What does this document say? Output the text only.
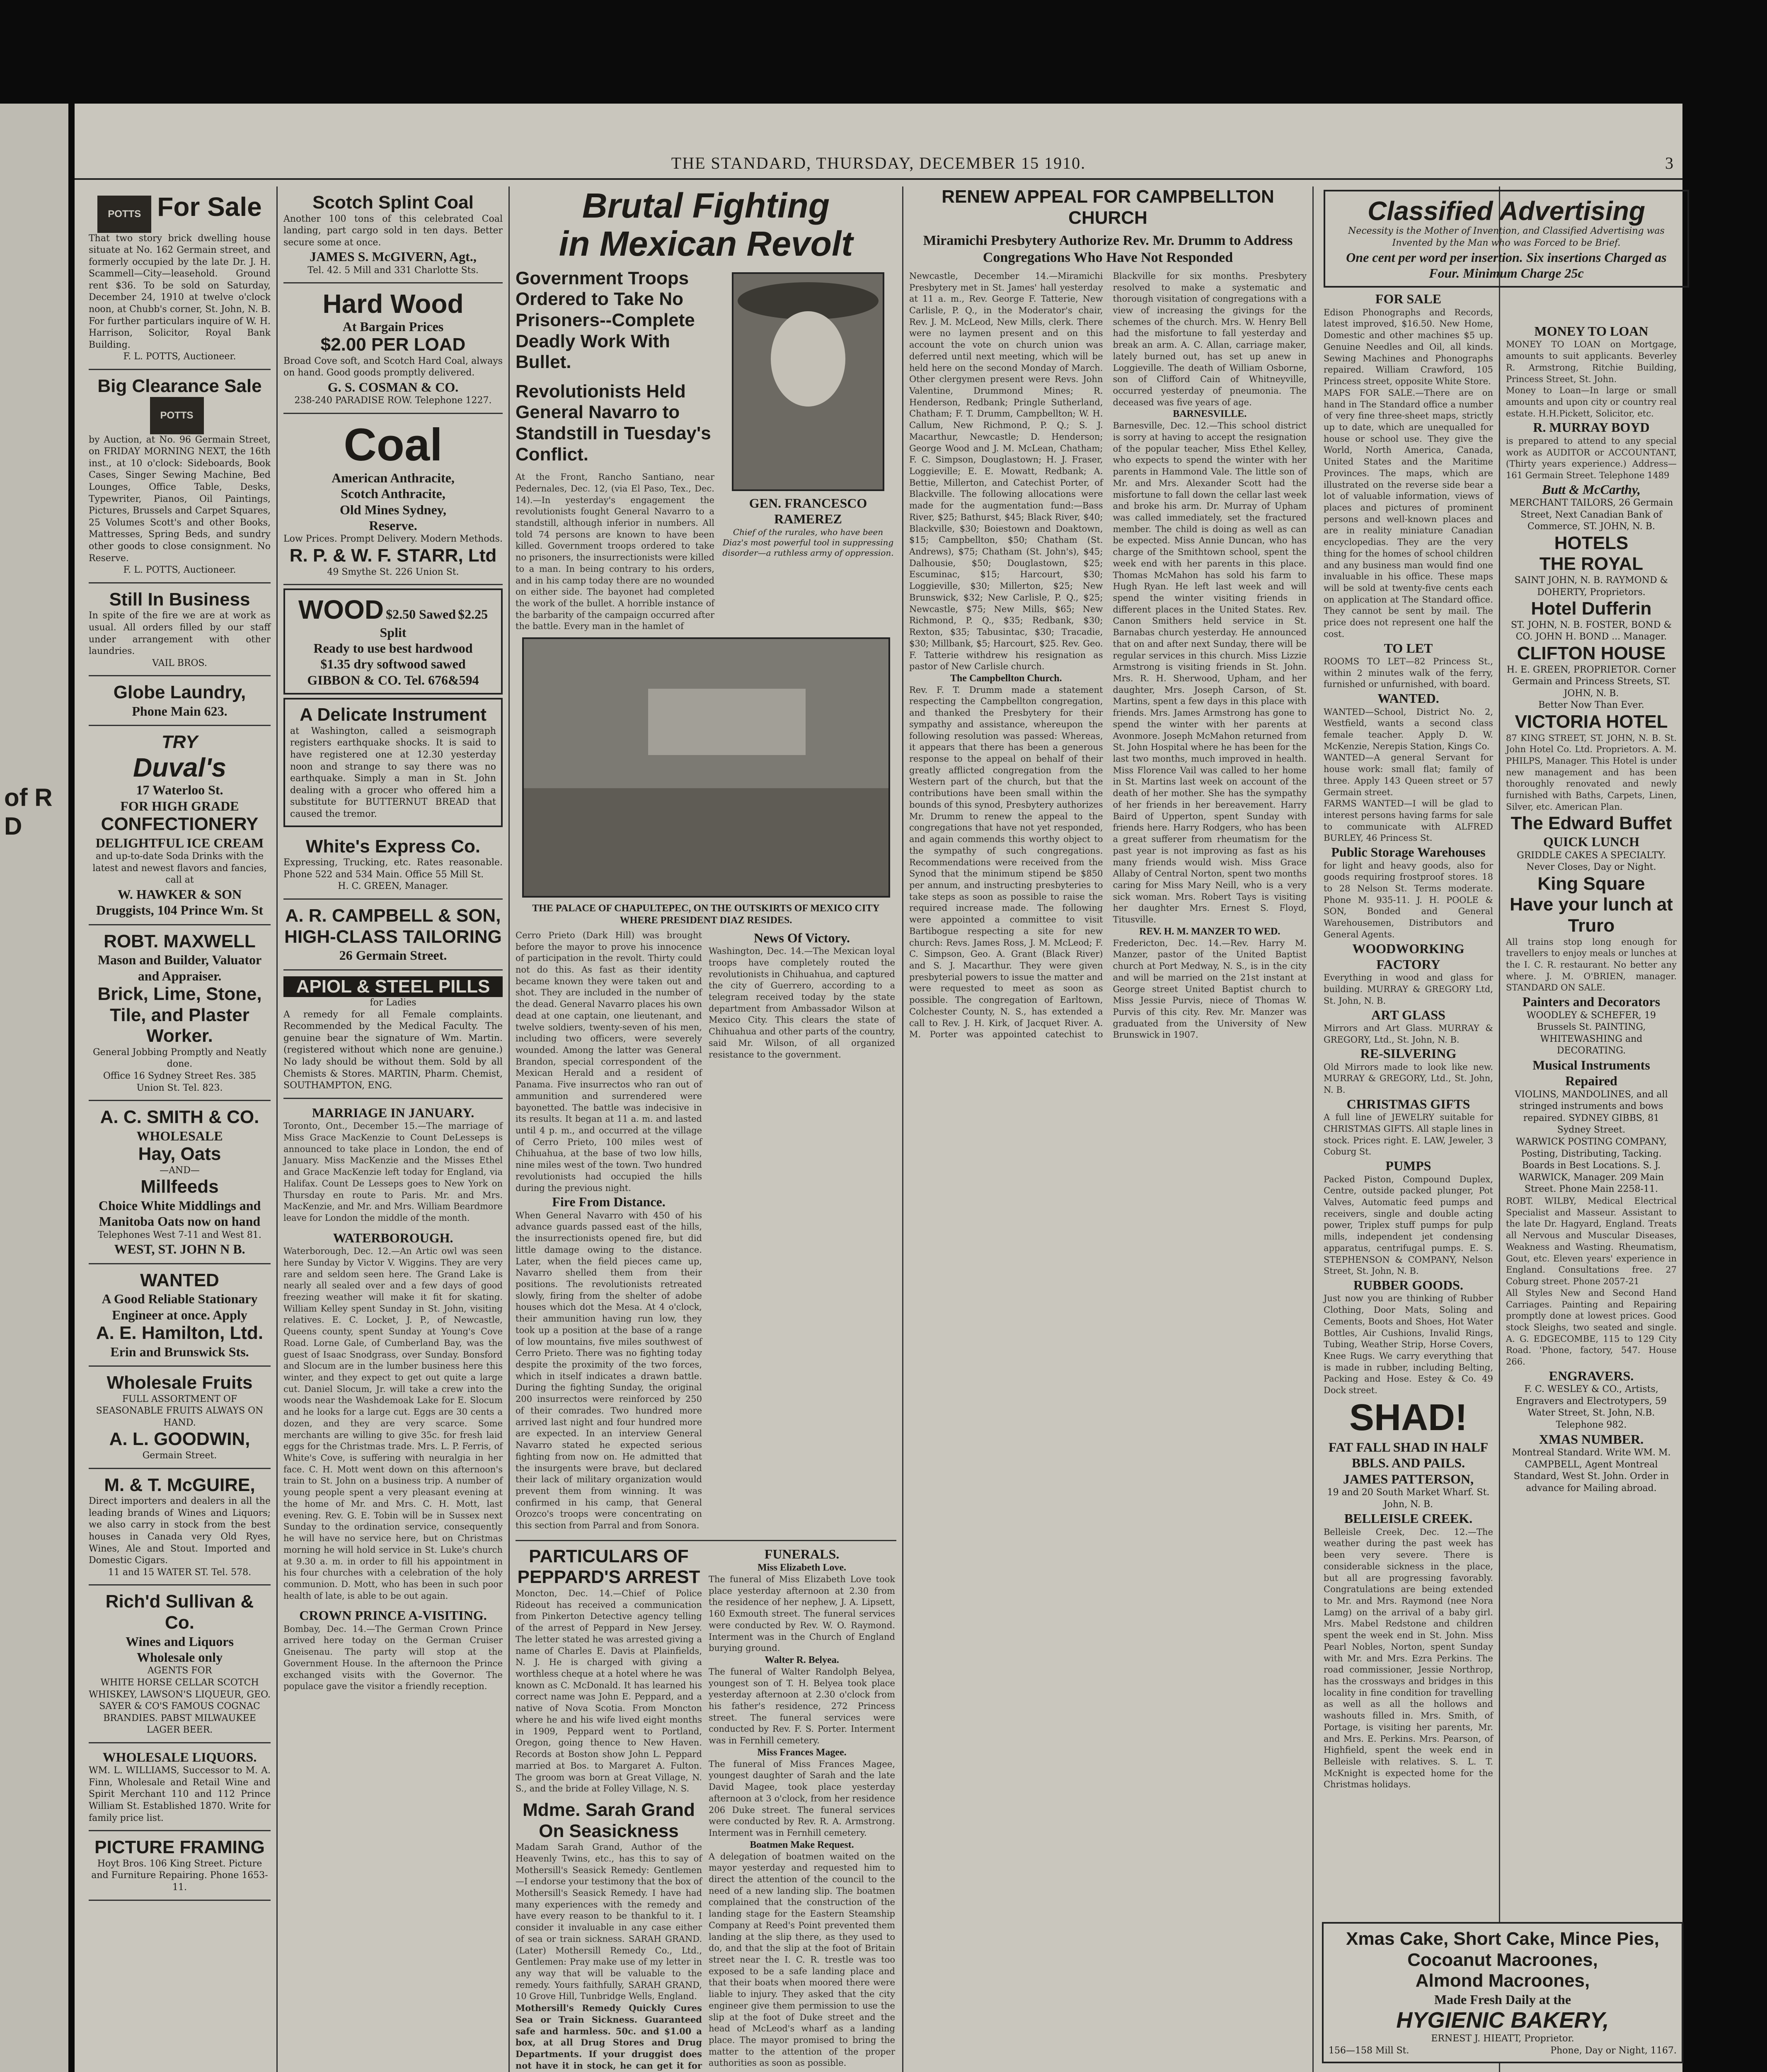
of R D
THE STANDARD, THURSDAY, DECEMBER 15 1910.	3
POTTS For Sale
That two story brick dwelling house situate at No. 162 Germain street, and formerly occupied by the late Dr. J. H. Scammell—City—leasehold. Ground rent $36. To be sold on Saturday, December 24, 1910 at twelve o'clock noon, at Chubb's corner, St. John, N. B. For further particulars inquire of W. H. Harrison, Solicitor, Royal Bank Building.
F. L. POTTS, Auctioneer.
Big Clearance Sale
POTTS
by Auction, at No. 96 Germain Street, on FRIDAY MORNING NEXT, the 16th inst., at 10 o'clock: Sideboards, Book Cases, Singer Sewing Machine, Bed Lounges, Office Table, Desks, Typewriter, Pianos, Oil Paintings, Pictures, Brussels and Carpet Squares, 25 Volumes Scott's and other Books, Mattresses, Spring Beds, and sundry other goods to close consignment. No Reserve.
F. L. POTTS, Auctioneer.
Still In Business
In spite of the fire we are at work as usual. All orders filled by our staff under arrangement with other laundries.
VAIL BROS.
Globe Laundry,
Phone Main 623.
TRY
Duval's
17 Waterloo St.
FOR HIGH GRADE
CONFECTIONERY
DELIGHTFUL ICE CREAM
and up-to-date Soda Drinks with the latest and newest flavors and fancies, call at
W. HAWKER & SON
Druggists, 104 Prince Wm. St
ROBT. MAXWELL
Mason and Builder, Valuator and Appraiser.
Brick, Lime, Stone, Tile, and Plaster Worker.
General Jobbing Promptly and Neatly done.
Office 16 Sydney Street Res. 385 Union St. Tel. 823.
A. C. SMITH & CO.
WHOLESALE
Hay, Oats
—AND—
Millfeeds
Choice White Middlings and Manitoba Oats now on hand
Telephones West 7-11 and West 81.
WEST, ST. JOHN N B.
WANTED
A Good Reliable Stationary Engineer at once. Apply
A. E. Hamilton, Ltd.
Erin and Brunswick Sts.
Wholesale Fruits
FULL ASSORTMENT OF SEASONABLE FRUITS ALWAYS ON HAND.
A. L. GOODWIN,
Germain Street.
M. & T. McGUIRE,
Direct importers and dealers in all the leading brands of Wines and Liquors; we also carry in stock from the best houses in Canada very Old Ryes, Wines, Ale and Stout. Imported and Domestic Cigars.
11 and 15 WATER ST. Tel. 578.
Rich'd Sullivan & Co.
Wines and Liquors
Wholesale only
AGENTS FOR
WHITE HORSE CELLAR SCOTCH WHISKEY, LAWSON'S LIQUEUR, GEO. SAYER & CO'S FAMOUS COGNAC BRANDIES. PABST MILWAUKEE LAGER BEER.
WHOLESALE LIQUORS.
WM. L. WILLIAMS, Successor to M. A. Finn, Wholesale and Retail Wine and Spirit Merchant 110 and 112 Prince William St. Established 1870. Write for family price list.
PICTURE FRAMING
Hoyt Bros. 106 King Street. Picture and Furniture Repairing. Phone 1653-11.
Scotch Splint Coal
Another 100 tons of this celebrated Coal landing, part cargo sold in ten days. Better secure some at once.
JAMES S. McGIVERN, Agt.,
Tel. 42. 5 Mill and 331 Charlotte Sts.
Hard Wood
At Bargain Prices
$2.00 PER LOAD
Broad Cove soft, and Scotch Hard Coal, always on hand. Good goods promptly delivered.
G. S. COSMAN & CO.
238-240 PARADISE ROW. Telephone 1227.
Coal
American Anthracite,
Scotch Anthracite,
Old Mines Sydney,
Reserve.
Low Prices. Prompt Delivery. Modern Methods.
R. P. & W. F. STARR, Ltd
49 Smythe St. 226 Union St.
WOOD $2.50 Sawed $2.25 Split
Ready to use best hardwood
$1.35 dry softwood sawed
GIBBON & CO. Tel. 676&594
A Delicate Instrument
at Washington, called a seismograph registers earthquake shocks. It is said to have registered one at 12.30 yesterday noon and strange to say there was no earthquake. Simply a man in St. John dealing with a grocer who offered him a substitute for BUTTERNUT BREAD that caused the tremor.
White's Express Co.
Expressing, Trucking, etc. Rates reasonable. Phone 522 and 534 Main. Office 55 Mill St.
H. C. GREEN, Manager.
A. R. CAMPBELL & SON,
HIGH-CLASS TAILORING
26 Germain Street.
APIOL & STEEL PILLS
for Ladies
A remedy for all Female complaints. Recommended by the Medical Faculty. The genuine bear the signature of Wm. Martin. (registered without which none are genuine.) No lady should be without them. Sold by all Chemists & Stores. MARTIN, Pharm. Chemist, SOUTHAMPTON, ENG.
MARRIAGE IN JANUARY.
Toronto, Ont., December 15.—The marriage of Miss Grace MacKenzie to Count DeLesseps is announced to take place in London, the end of January. Miss MacKenzie and the Misses Ethel and Grace MacKenzie left today for England, via Halifax. Count De Lesseps goes to New York on Thursday en route to Paris. Mr. and Mrs. MacKenzie, and Mr. and Mrs. William Beardmore leave for London the middle of the month.
WATERBOROUGH.
Waterborough, Dec. 12.—An Artic owl was seen here Sunday by Victor V. Wiggins. They are very rare and seldom seen here. The Grand Lake is nearly all sealed over and a few days of good freezing weather will make it fit for skating. William Kelley spent Sunday in St. John, visiting relatives. E. C. Locket, J. P., of Newcastle, Queens county, spent Sunday at Young's Cove Road. Lorne Gale, of Cumberland Bay, was the guest of Isaac Snodgrass, over Sunday. Bonsford and Slocum are in the lumber business here this winter, and they expect to get out quite a large cut. Daniel Slocum, Jr. will take a crew into the woods near the Washdemoak Lake for E. Slocum and he looks for a large cut. Eggs are 30 cents a dozen, and they are very scarce. Some merchants are willing to give 35c. for fresh laid eggs for the Christmas trade. Mrs. L. P. Ferris, of White's Cove, is suffering with neuralgia in her face. C. H. Mott went down on this afternoon's train to St. John on a business trip. A number of young people spent a very pleasant evening at the home of Mr. and Mrs. C. H. Mott, last evening. Rev. G. E. Tobin will be in Sussex next Sunday to the ordination service, consequently he will have no service here, but on Christmas morning he will hold service in St. Luke's church at 9.30 a. m. in order to fill his appointment in his four churches with a celebration of the holy communion. D. Mott, who has been in such poor health of late, is able to be out again.
CROWN PRINCE A-VISITING.
Bombay, Dec. 14.—The German Crown Prince arrived here today on the German Cruiser Gneisenau. The party will stop at the Government House. In the afternoon the Prince exchanged visits with the Governor. The populace gave the visitor a friendly reception.
Brutal Fighting
in Mexican Revolt
Government Troops Ordered to Take No Prisoners--Complete Deadly Work With Bullet.
Revolutionists Held General Navarro to Standstill in Tuesday's Conflict.
At the Front, Rancho Santiano, near Pedernales, Dec. 12, (via El Paso, Tex., Dec. 14).—In yesterday's engagement the revolutionists fought General Navarro to a standstill, although inferior in numbers. All told 74 persons are known to have been killed. Government troops ordered to take no prisoners, the insurrectionists were killed to a man. In being contrary to his orders, and in his camp today there are no wounded on either side. The bayonet had completed the work of the bullet. A horrible instance of the barbarity of the campaign occurred after the battle. Every man in the hamlet of
GEN. FRANCESCO RAMEREZ
Chief of the rurales, who have been Diaz's most powerful tool in suppressing disorder—a ruthless army of oppression.
THE PALACE OF CHAPULTEPEC, ON THE OUTSKIRTS OF MEXICO CITY WHERE PRESIDENT DIAZ RESIDES.
Cerro Prieto (Dark Hill) was brought before the mayor to prove his innocence of participation in the revolt. Thirty could not do this. As fast as their identity became known they were taken out and shot. They are included in the number of the dead. General Navarro places his own dead at one captain, one lieutenant, and twelve soldiers, twenty-seven of his men, including two officers, were severely wounded. Among the latter was General Brandon, special correspondent of the Mexican Herald and a resident of Panama. Five insurrectos who ran out of ammunition and surrendered were bayonetted. The battle was indecisive in its results. It began at 11 a. m. and lasted until 4 p. m., and occurred at the village of Cerro Prieto, 100 miles west of Chihuahua, at the base of two low hills, nine miles west of the town. Two hundred revolutionists had occupied the hills during the previous night.
Fire From Distance.
When General Navarro with 450 of his advance guards passed east of the hills, the insurrectionists opened fire, but did little damage owing to the distance. Later, when the field pieces came up, Navarro shelled them from their positions. The revolutionists retreated slowly, firing from the shelter of adobe houses which dot the Mesa. At 4 o'clock, their ammunition having run low, they took up a position at the base of a range of low mountains, five miles southwest of Cerro Prieto. There was no fighting today despite the proximity of the two forces, which in itself indicates a drawn battle. During the fighting Sunday, the original 200 insurrectos were reinforced by 250 of their comrades. Two hundred more arrived last night and four hundred more are expected. In an interview General Navarro stated he expected serious fighting from now on. He admitted that the insurgents were brave, but declared their lack of military organization would prevent them from winning. It was confirmed in his camp, that General Orozco's troops were concentrating on this section from Parral and from Sonora.
News Of Victory.
Washington, Dec. 14.—The Mexican loyal troops have completely routed the revolutionists in Chihuahua, and captured the city of Guerrero, according to a telegram received today by the state department from Ambassador Wilson at Mexico City. This clears the state of Chihuahua and other parts of the country, said Mr. Wilson, of all organized resistance to the government.
PARTICULARS OF PEPPARD'S ARREST
Moncton, Dec. 14.—Chief of Police Rideout has received a communication from Pinkerton Detective agency telling of the arrest of Peppard in New Jersey. The letter stated he was arrested giving a name of Charles E. Davis at Plainfields, N. J. He is charged with giving a worthless cheque at a hotel where he was known as C. McDonald. It has learned his correct name was John E. Peppard, and a native of Nova Scotia. From Moncton where he and his wife lived eight months in 1909, Peppard went to Portland, Oregon, going thence to New Haven. Records at Boston show John L. Peppard married at Bos. to Margaret A. Fulton. The groom was born at Great Village, N. S., and the bride at Folley Village, N. S.
Mdme. Sarah Grand On Seasickness
Madam Sarah Grand, Author of the Heavenly Twins, etc., has this to say of Mothersill's Seasick Remedy: Gentlemen—I endorse your testimony that the box of Mothersill's Seasick Remedy. I have had many experiences with the remedy and have every reason to be thankful to it. I consider it invaluable in any case either of sea or train sickness. SARAH GRAND. (Later) Mothersill Remedy Co., Ltd., Gentlemen: Pray make use of my letter in any way that will be valuable to the remedy. Yours faithfully, SARAH GRAND, 10 Grove Hill, Tunbridge Wells, England.
Mothersill's Remedy Quickly Cures Sea or Train Sickness. Guaranteed safe and harmless. 50c. and $1.00 a box, at all Drug Stores and Drug Departments. If your druggist does not have it in stock, he can get it for
FUNERALS.
Miss Elizabeth Love.
The funeral of Miss Elizabeth Love took place yesterday afternoon at 2.30 from the residence of her nephew, J. A. Lipsett, 160 Exmouth street. The funeral services were conducted by Rev. W. O. Raymond. Interment was in the Church of England burying ground.
Walter R. Belyea.
The funeral of Walter Randolph Belyea, youngest son of T. H. Belyea took place yesterday afternoon at 2.30 o'clock from his father's residence, 272 Princess street. The funeral services were conducted by Rev. F. S. Porter. Interment was in Fernhill cemetery.
Miss Frances Magee.
The funeral of Miss Frances Magee, youngest daughter of Sarah and the late David Magee, took place yesterday afternoon at 3 o'clock, from her residence 206 Duke street. The funeral services were conducted by Rev. R. A. Armstrong. Interment was in Fernhill cemetery.
Boatmen Make Request.
A delegation of boatmen waited on the mayor yesterday and requested him to direct the attention of the council to the need of a new landing slip. The boatmen complained that the construction of the landing stage for the Eastern Steamship Company at Reed's Point prevented them landing at the slip there, as they used to do, and that the slip at the foot of Britain street near the I. C. R. trestle was too exposed to be a safe landing place and that their boats when moored there were liable to injury. They asked that the city engineer give them permission to use the slip at the foot of Duke street and the head of McLeod's wharf as a landing place. The mayor promised to bring the matter to the attention of the proper authorities as soon as possible.

RENEW APPEAL FOR CAMPBELLTON CHURCH
Miramichi Presbytery Authorize Rev. Mr. Drumm to Address Congregations Who Have Not Responded
Newcastle, December 14.—Miramichi Presbytery met in St. James' hall yesterday at 11 a. m., Rev. George F. Tatterie, New Carlisle, P. Q., in the Moderator's chair, Rev. J. M. McLeod, New Mills, clerk. There were no laymen present and on this account the vote on church union was deferred until next meeting, which will be held here on the second Monday of March. Other clergymen present were Revs. John Valentine, Drummond Mines; R. Henderson, Redbank; Pringle Sutherland, Chatham; F. T. Drumm, Campbellton; W. H. Callum, New Richmond, P. Q.; S. J. Macarthur, Newcastle; D. Henderson; George Wood and J. M. McLean, Chatham; F. C. Simpson, Douglastown; H. J. Fraser, Loggieville; E. E. Mowatt, Redbank; A. Bettie, Millerton, and Catechist Porter, of Blackville. The following allocations were made for the augmentation fund:—Bass River, $25; Bathurst, $45; Black River, $40; Blackville, $30; Boiestown and Doaktown, $15; Campbellton, $50; Chatham (St. Andrews), $75; Chatham (St. John's), $45; Dalhousie, $50; Douglastown, $25; Escuminac, $15; Harcourt, $30; Loggieville, $30; Millerton, $25; New Brunswick, $32; New Carlisle, P. Q., $25; Newcastle, $75; New Mills, $65; New Richmond, P. Q., $35; Redbank, $30; Rexton, $35; Tabusintac, $30; Tracadie, $30; Millbank, $5; Harcourt, $25. Rev. Geo. F. Tatterie withdrew his resignation as pastor of New Carlisle church.
The Campbellton Church.
Rev. F. T. Drumm made a statement respecting the Campbellton congregation, and thanked the Presbytery for their sympathy and assistance, whereupon the following resolution was passed: Whereas, it appears that there has been a generous response to the appeal on behalf of their greatly afflicted congregation from the Western part of the church, but that the contributions have been small within the bounds of this synod, Presbytery authorizes Mr. Drumm to renew the appeal to the congregations that have not yet responded, and again commends this worthy object to the sympathy of such congregations. Recommendations were received from the Synod that the minimum stipend be $850 per annum, and instructing presbyteries to take steps as soon as possible to raise the required increase made. The following were appointed a committee to visit Bartibogue respecting a site for new church: Revs. James Ross, J. M. McLeod; F. C. Simpson, Geo. A. Grant (Black River) and S. J. Macarthur. They were given presbyterial powers to issue the matter and were requested to meet as soon as possible. The congregation of Earltown, Colchester County, N. S., has extended a call to Rev. J. H. Kirk, of Jacquet River. A. M. Porter was appointed catechist to Blackville for six months. Presbytery resolved to make a systematic and thorough visitation of congregations with a view of increasing the givings for the schemes of the church. Mrs. W. Henry Bell had the misfortune to fall yesterday and break an arm. A. C. Allan, carriage maker, lately burned out, has set up anew in Loggieville. The death of William Osborne, son of Clifford Cain of Whitneyville, occurred yesterday of pneumonia. The deceased was five years of age.
BARNESVILLE.
Barnesville, Dec. 12.—This school district is sorry at having to accept the resignation of the popular teacher, Miss Ethel Kelley, who expects to spend the winter with her parents in Hammond Vale. The little son of Mr. and Mrs. Alexander Scott had the misfortune to fall down the cellar last week and broke his arm. Dr. Murray of Upham was called immediately, set the fractured member. The child is doing as well as can be expected. Miss Annie Duncan, who has charge of the Smithtown school, spent the week end with her parents in this place. Thomas McMahon has sold his farm to Hugh Ryan. He left last week and will spend the winter visiting friends in different places in the United States. Rev. Canon Smithers held service in St. Barnabas church yesterday. He announced that on and after next Sunday, there will be regular services in this church. Miss Lizzie Armstrong is visiting friends in St. John. Mrs. R. H. Sherwood, Upham, and her daughter, Mrs. Joseph Carson, of St. Martins, spent a few days in this place with friends. Mrs. James Armstrong has gone to spend the winter with her parents at Avonmore. Joseph McMahon returned from St. John Hospital where he has been for the last two months, much improved in health. Miss Florence Vail was called to her home in St. Martins last week on account of the death of her mother. She has the sympathy of her friends in her bereavement. Harry Baird of Upperton, spent Sunday with friends here. Harry Rodgers, who has been a great sufferer from rheumatism for the past year is not improving as fast as his many friends would wish. Miss Grace Allaby of Central Norton, spent two months caring for Miss Mary Neill, who is a very sick woman. Mrs. Robert Tays is visiting her daughter Mrs. Ernest S. Floyd, Titusville.
REV. H. M. MANZER TO WED.
Fredericton, Dec. 14.—Rev. Harry M. Manzer, pastor of the United Baptist church at Port Medway, N. S., is in the city and will be married on the 21st instant at George street United Baptist church to Miss Jessie Purvis, niece of Thomas W. Purvis of this city. Rev. Mr. Manzer was graduated from the University of New Brunswick in 1907.
Classified Advertising
Necessity is the Mother of Invention, and Classified Advertising was Invented by the Man who was Forced to be Brief.
One cent per word per insertion. Six insertions Charged as Four. Minimum Charge 25c
FOR SALE
Edison Phonographs and Records, latest improved, $16.50. New Home, Domestic and other machines $5 up. Genuine Needles and Oil, all kinds. Sewing Machines and Phonographs repaired. William Crawford, 105 Princess street, opposite White Store.
MAPS FOR SALE.—There are on hand in The Standard office a number of very fine three-sheet maps, strictly up to date, which are unequalled for house or school use. They give the World, North America, Canada, United States and the Maritime Provinces. The maps, which are illustrated on the reverse side bear a lot of valuable information, views of places and pictures of prominent persons and well-known places and are in reality miniature Canadian encyclopedias. They are the very thing for the homes of school children and any business man would find one invaluable in his office. These maps will be sold at twenty-five cents each on application at The Standard office. They cannot be sent by mail. The price does not represent one half the cost.
TO LET
ROOMS TO LET—82 Princess St., within 2 minutes walk of the ferry, furnished or unfurnished, with board.
WANTED.
WANTED—School, District No. 2, Westfield, wants a second class female teacher. Apply D. W. McKenzie, Nerepis Station, Kings Co.
WANTED—A general Servant for house work: small flat; family of three. Apply 143 Queen street or 57 Germain street.
FARMS WANTED—I will be glad to interest persons having farms for sale to communicate with ALFRED BURLEY, 46 Princess St.
Public Storage Warehouses
for light and heavy goods, also for goods requiring frostproof stores. 18 to 28 Nelson St. Terms moderate. Phone M. 935-11. J. H. POOLE & SON, Bonded and General Warehousemen, Distributors and General Agents.
WOODWORKING FACTORY
Everything in wood and glass for building. MURRAY & GREGORY Ltd, St. John, N. B.
ART GLASS
Mirrors and Art Glass. MURRAY & GREGORY, Ltd., St. John, N. B.
RE-SILVERING
Old Mirrors made to look like new. MURRAY & GREGORY, Ltd., St. John, N. B.
CHRISTMAS GIFTS
A full line of JEWELRY suitable for CHRISTMAS GIFTS. All staple lines in stock. Prices right. E. LAW, Jeweler, 3 Coburg St.
PUMPS
Packed Piston, Compound Duplex, Centre, outside packed plunger, Pot Valves, Automatic feed pumps and receivers, single and double acting power, Triplex stuff pumps for pulp mills, independent jet condensing apparatus, centrifugal pumps. E. S. STEPHENSON & COMPANY, Nelson Street, St. John, N. B.
RUBBER GOODS.
Just now you are thinking of Rubber Clothing, Door Mats, Soling and Cements, Boots and Shoes, Hot Water Bottles, Air Cushions, Invalid Rings, Tubing, Weather Strip, Horse Covers, Knee Rugs. We carry everything that is made in rubber, including Belting, Packing and Hose. Estey & Co. 49 Dock street.
SHAD!
FAT FALL SHAD IN HALF BBLS. AND PAILS.
JAMES PATTERSON,
19 and 20 South Market Wharf. St. John, N. B.
BELLEISLE CREEK.
Belleisle Creek, Dec. 12.—The weather during the past week has been very severe. There is considerable sickness in the place, but all are progressing favorably. Congratulations are being extended to Mr. and Mrs. Raymond (nee Nora Lamg) on the arrival of a baby girl. Mrs. Mabel Redstone and children spent the week end in St. John. Miss Pearl Nobles, Norton, spent Sunday with Mr. and Mrs. Ezra Perkins. The road commissioner, Jessie Northrop, has the crossways and bridges in this locality in fine condition for travelling as well as all the hollows and washouts filled in. Mrs. Smith, of Portage, is visiting her parents, Mr. and Mrs. E. Perkins. Mrs. Pearson, of Highfield, spent the week end in Belleisle with relatives. S. L. T. McKnight is expected home for the Christmas holidays.
MONEY TO LOAN
MONEY TO LOAN on Mortgage, amounts to suit applicants. Beverley R. Armstrong, Ritchie Building, Princess Street, St. John.
Money to Loan—In large or small amounts and upon city or country real estate. H.H.Pickett, Solicitor, etc.
R. MURRAY BOYD
is prepared to attend to any special work as AUDITOR or ACCOUNTANT, (Thirty years experience.) Address—161 Germain Street. Telephone 1489
Butt & McCarthy,
MERCHANT TAILORS, 26 Germain Street, Next Canadian Bank of Commerce, ST. JOHN, N. B.
HOTELS
THE ROYAL
SAINT JOHN, N. B. RAYMOND & DOHERTY, Proprietors.
Hotel Dufferin
ST. JOHN, N. B. FOSTER, BOND & CO. JOHN H. BOND ... Manager.
CLIFTON HOUSE
H. E. GREEN, PROPRIETOR. Corner Germain and Princess Streets, ST. JOHN, N. B.
Better Now Than Ever.
VICTORIA HOTEL
87 KING STREET, ST. JOHN, N. B. St. John Hotel Co. Ltd. Proprietors. A. M. PHILPS, Manager. This Hotel is under new management and has been thoroughly renovated and newly furnished with Baths, Carpets, Linen, Silver, etc. American Plan.
The Edward Buffet
QUICK LUNCH
GRIDDLE CAKES A SPECIALTY. Never Closes, Day or Night.
King Square
Have your lunch at Truro
All trains stop long enough for travellers to enjoy meals or lunches at the I. C. R. restaurant. No better any where. J. M. O'BRIEN, manager. STANDARD ON SALE.
Painters and Decorators
WOODLEY & SCHEFER, 19 Brussels St. PAINTING, WHITEWASHING and DECORATING.
Musical Instruments Repaired
VIOLINS, MANDOLINES, and all stringed instruments and bows repaired. SYDNEY GIBBS, 81 Sydney Street.
WARWICK POSTING COMPANY, Posting, Distributing, Tacking. Boards in Best Locations. S. J. WARWICK, Manager. 209 Main Street. Phone Main 2258-11.
ROBT. WILBY, Medical Electrical Specialist and Masseur. Assistant to the late Dr. Hagyard, England. Treats all Nervous and Muscular Diseases, Weakness and Wasting. Rheumatism, Gout, etc. Eleven years' experience in England. Consultations free. 27 Coburg street. Phone 2057-21
All Styles New and Second Hand Carriages. Painting and Repairing promptly done at lowest prices. Good stock Sleighs, two seated and single. A. G. EDGECOMBE, 115 to 129 City Road. 'Phone, factory, 547. House 266.
ENGRAVERS.
F. C. WESLEY & CO., Artists, Engravers and Electrotypers, 59 Water Street, St. John, N.B. Telephone 982.
XMAS NUMBER.
Montreal Standard. Write WM. M. CAMPBELL, Agent Montreal Standard, West St. John. Order in advance for Mailing abroad.
Xmas Cake, Short Cake, Mince Pies,
Cocoanut Macroones,
Almond Macroones,
Made Fresh Daily at the
HYGIENIC BAKERY,
ERNEST J. HIEATT, Proprietor.
156—158 Mill St.	Phone, Day or Night, 1167.
